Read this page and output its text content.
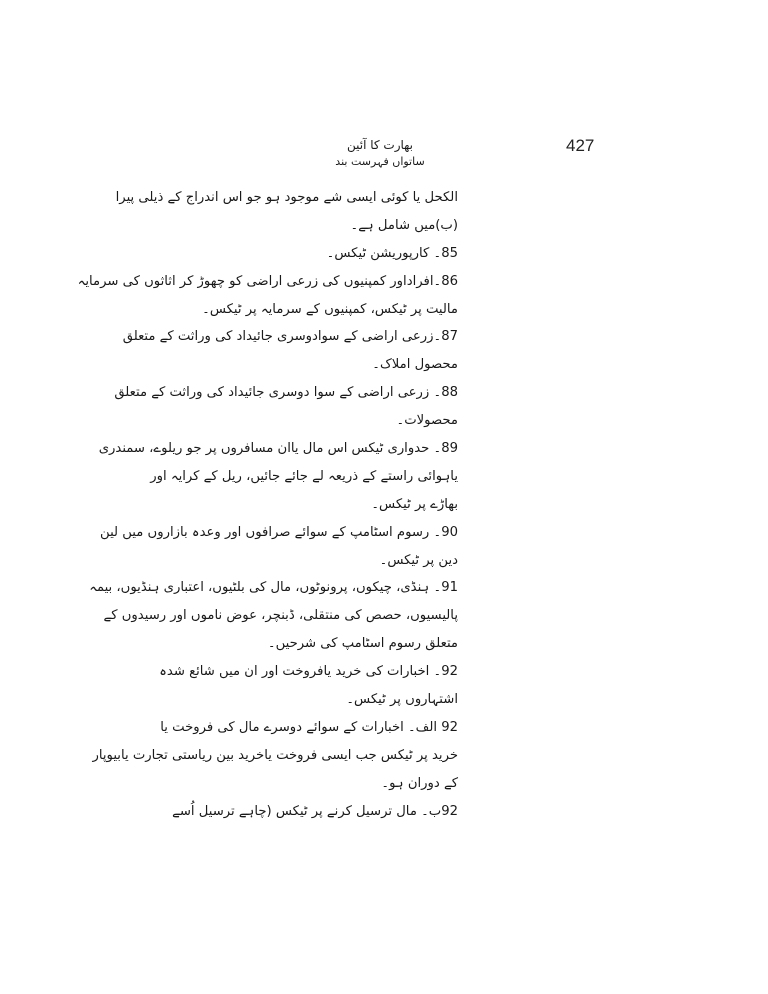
427
بھارت کا آئین
ساتواں فہرست بند
الکحل یا کوئی ایسی شے موجود ہو جو اس اندراج کے ذیلی پیرا
(ب)میں شامل ہے۔
85۔ کارپوریشن ٹیکس۔
86۔افراداور کمپنیوں کی زرعی اراضی کو چھوڑ کر اثاثوں کی سرمایہ
مالیت پر ٹیکس، کمپنیوں کے سرمایہ پر ٹیکس۔
87۔زرعی اراضی کے سوادوسری جائیداد کی وراثت کے متعلق
محصول املاک۔
88۔ زرعی اراضی کے سوا دوسری جائیداد کی وراثت کے متعلق
محصولات۔
89۔ حدواری ٹیکس اس مال یاان مسافروں پر جو ریلوے، سمندری
یاہوائی راستے کے ذریعہ لے جائے جائیں، ریل کے کرایہ اور
بھاڑے پر ٹیکس۔
90۔ رسوم اسٹامپ کے سوائے صرافوں اور وعدہ بازاروں میں لین
دین پر ٹیکس۔
91۔ ہنڈی، چیکوں، پرونوٹوں، مال کی بلٹیوں، اعتباری ہنڈیوں، بیمہ
پالیسیوں، حصص کی منتقلی، ڈبنچر، عوض ناموں اور رسیدوں کے
متعلق رسوم اسٹامپ کی شرحیں۔
92۔ اخبارات کی خرید یافروخت اور ان میں شائع شدہ
اشتہاروں پر ٹیکس۔
92 الف۔ اخبارات کے سوائے دوسرے مال کی فروخت یا
خرید پر ٹیکس جب ایسی فروخت یاخرید بین ریاستی تجارت یابیوپار
کے دوران ہو۔
92ب۔ مال ترسیل کرنے پر ٹیکس (چاہے ترسیل اُسے
